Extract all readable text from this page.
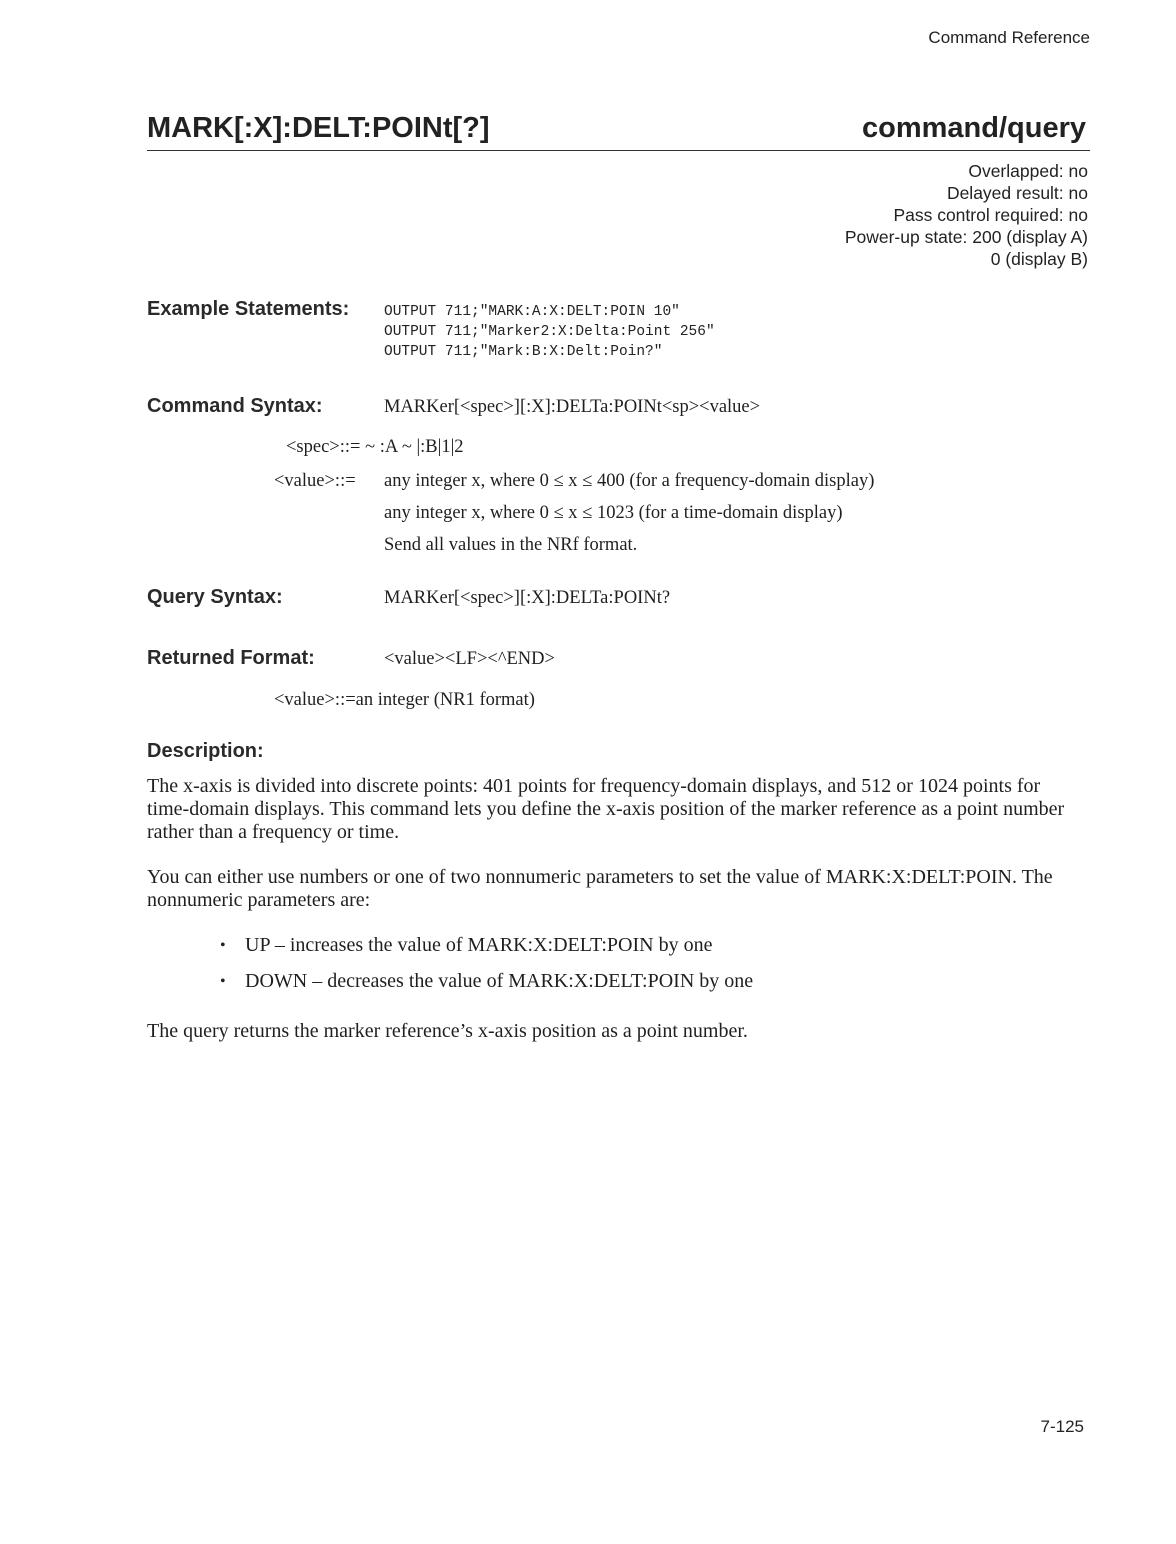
Command Reference
MARK[:X]:DELT:POINt[?]	command/query
Overlapped: no
Delayed result: no
Pass control required: no
Power-up state: 200 (display A)
0 (display B)
Example Statements: OUTPUT 711;"MARK:A:X:DELT:POIN 10"
OUTPUT 711;"Marker2:X:Delta:Point 256"
OUTPUT 711;"Mark:B:X:Delt:Poin?"
Command Syntax:	MARKer[<spec>][:X]:DELTa:POINt<sp><value>
<spec>::= ~ :A ~ |:B|1|2
<value>::= any integer x, where 0 ≤ x ≤ 400 (for a frequency-domain display)
any integer x, where 0 ≤ x ≤ 1023 (for a time-domain display)
Send all values in the NRf format.
Query Syntax:	MARKer[<spec>][:X]:DELTa:POINt?
Returned Format:	<value><LF><^END>
<value>::=an integer (NR1 format)
Description:
The x-axis is divided into discrete points: 401 points for frequency-domain displays, and 512 or 1024 points for time-domain displays. This command lets you define the x-axis position of the marker reference as a point number rather than a frequency or time.
You can either use numbers or one of two nonnumeric parameters to set the value of MARK:X:DELT:POIN. The nonnumeric parameters are:
• UP – increases the value of MARK:X:DELT:POIN by one
• DOWN – decreases the value of MARK:X:DELT:POIN by one
The query returns the marker reference’s x-axis position as a point number.
7-125
